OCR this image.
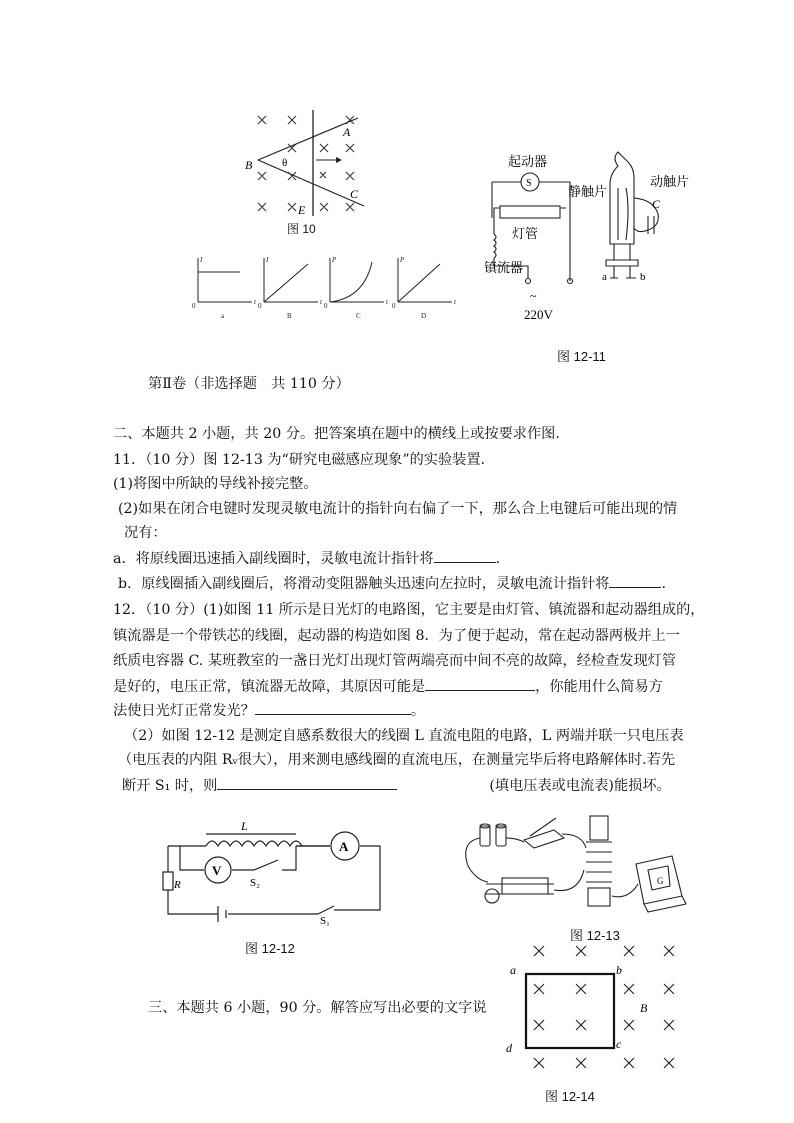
B	θ
A
C
E
图 10
0
I
t
a
0
I
t
B
0
P
t
C
0
P
t
D
起动器
S
灯管
镇流器
~
220V
静触片
动触片
C
a	b
图 12-11
第Ⅱ卷（非选择题　共 110 分）
二、本题共 2 小题，共 20 分。把答案填在题中的横线上或按要求作图.
11．（10 分）图 12-13 为“研究电磁感应现象”的实验装置.
(1)将图中所缺的导线补接完整。
(2)如果在闭合电键时发现灵敏电流计的指针向右偏了一下，那么合上电键后可能出现的情
况有：
a．将原线圈迅速插入副线圈时，灵敏电流计指针将	.
b．原线圈插入副线圈后，将滑动变阻器触头迅速向左拉时，灵敏电流计指针将	.
12．（10 分）(1)如图 11 所示是日光灯的电路图，它主要是由灯管、镇流器和起动器组成的，
镇流器是一个带铁芯的线圈，起动器的构造如图 8．为了便于起动，常在起动器两极并上一
纸质电容器 C. 某班教室的一盏日光灯出现灯管两端亮而中间不亮的故障，经检查发现灯管
是好的，电压正常，镇流器无故障，其原因可能是	，你能用什么简易方
法使日光灯正常发光？	。
（2）如图 12-12 是测定自感系数很大的线圈 L 直流电阻的电路，L 两端并联一只电压表
（电压表的内阻 Rᵥ很大），用来测电感线圈的直流电压，在测量完毕后将电路解体时.若先
断开 S₁ 时，则	(填电压表或电流表)能损坏。
L
A
V
S₂
R
S₁
图 12-12
G
图 12-13
三、本题共 6 小题，90 分。解答应写出必要的文字说
a	b
c
d
B
图 12-14
